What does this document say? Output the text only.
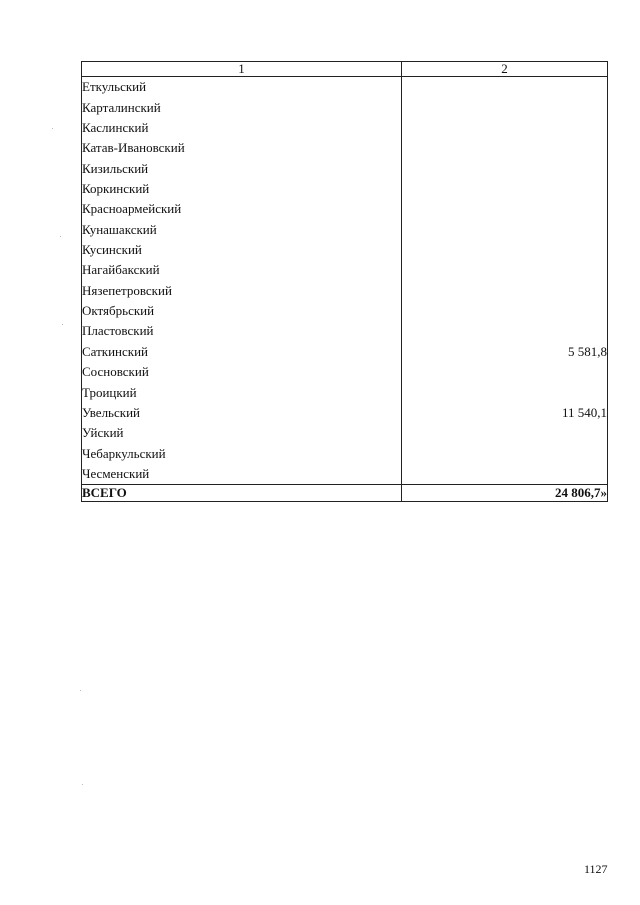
1	2
Еткульский	
Карталинский	
Каслинский	
Катав-Ивановский	
Кизильский	
Коркинский	
Красноармейский	
Кунашакский	
Кусинский	
Нагайбакский	
Нязепетровский	
Октябрьский	
Пластовский	
Саткинский	5 581,8
Сосновский	
Троицкий	
Увельский	11 540,1
Уйский	
Чебаркульский	
Чесменский	
ВСЕГО	24 806,7»
1127
